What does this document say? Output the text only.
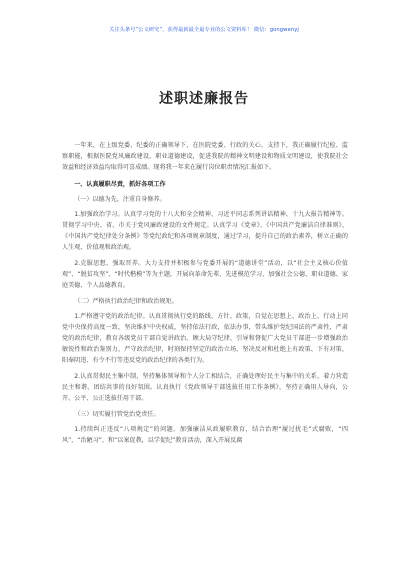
关注头条号“公文研究”，获得最新最全最专业的公文资料库！ 微信：gongwenyj
述职述廉报告

一年来，在上级党委、纪委的正确领导下，在医院党委、行政的关心、支持下，我正确履行纪检、监察职能，根据医院党风廉政建设、职业道德建设，促进我院的精神文明建设和物质文明建设，使我院社会效益和经济效益均取得可喜成绩。现将我一年来在履行岗位职责情况汇报如下。

一、认真履职尽责，抓好各项工作

（一）以德为先，注重自身修养。

1.加强政治学习。认真学习党的十八大和全会精神、习近平同志系列讲话精神、十九大报告精神等。贯彻学习中央、省、市关于党风廉政建设的文件规定。认真学习《党章》、《中国共产党廉洁自律准则》、《中国共产党纪律处分条例》等党纪政纪和各项规章制度，通过学习，提升自己的政治素养，树立正确的人生观、价值观和政治观。

2.克服思想，强取晋养。大力支持并积极参与党委开展的“道德讲堂”活动，以“社会主义核心价值观”、“脱贫攻坚”、“时代楷模”等为主题，开展向革命先辈、先进模范学习，加强社会公德、职业道德、家庭美德、个人品德教育。

（二）严格执行政治纪律和政治规矩。

1.严格遵守党的政治纪律。认真贯彻执行党的路线、方针、政策，自觉在思想上、政治上、行动上同党中央保持高度一致，坚决维护中央权威，坚持依法行政，依法办事，带头维护党纪国法的严肃性，严肃党的政治纪律，教育各级党员干部自觉讲政治、顾大局守纪律，引导和督促广大党员干部进一步增强政治敏锐性和政治鉴别力，严守政治纪律，时刻保持坚定的政治立场，坚决反对和杜绝上有政策、下有对策，阳奉阴违、有令不行等违反党的政治纪律的各类行为。

2.认真贯彻民主集中制，坚持集体领导和个人分工相结合，正确处理好民主与集中的关系，着力营造民主和谐、团结共事的良好氛围。认真执行《党政领导干部选拔任用工作条例》，坚持正确用人导向，公开、公平、公正选拔任用干部。

（三）切实履行管党治党责任。

1.持续纠正违反“八项规定”的问题。加强廉洁从政履职教育，结合治理“履过扰毛”式腐败，“四风”、“治陋习”，和“以案促教，以学促纪”教育活动，深入开展反腐
